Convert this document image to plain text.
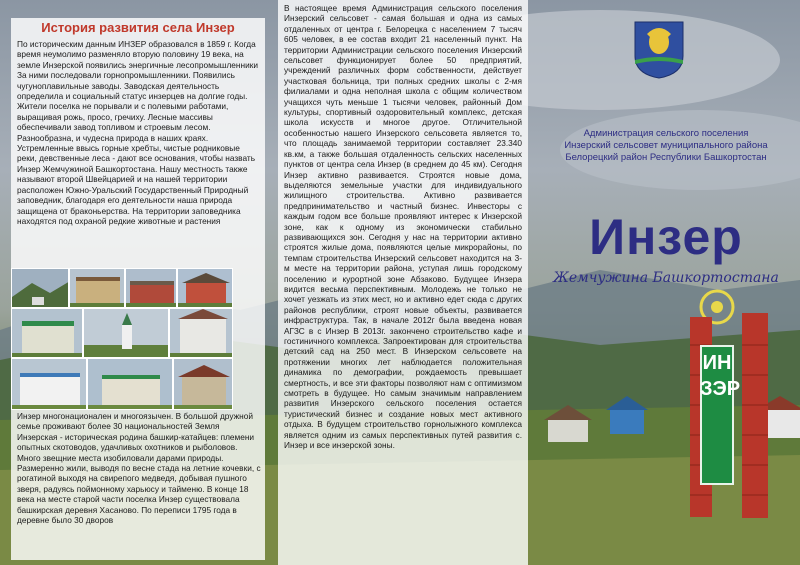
История развития села Инзер
По историческим данным ИНЗЕР образовался в 1859 г. Когда время неумолимо разменяло вторую половину 19 века, на земле Инзерской появились энергичные лесопромышленники За ними последовали горнопромышленники. Появились чугуноплавильные заводы. Заводская деятельность определила и социальный статус инзерцев на долгие годы. Жители поселка не порывали и с полевыми работами, выращивая рожь, просо, гречиху. Лесные массивы обеспечивали завод топливом и строевым лесом. Разнообразна, и чудесна природа в наших краях. Устремленные ввысь горные хребты, чистые родниковые реки, девственные леса - дают все основания, чтобы назвать Инзер Жемчужиной Башкортостана. Нашу местность также называют второй Швейцарией и на нашей территории расположен Южно-Уральский Государственный Природный заповедник, благодаря его деятельности наша природа защищена от браконьерства. На территории заповедника находятся под охраной редкие животные и растения
Инзер многонационален и многоязычен. В большой дружной семье проживают более 30 национальностей Земля Инзерская - историческая родина башкир-катайцев: племени опытных скотоводов, удачливых охотников и рыболовов. Много звещние места изобиловали дарами природы. Размеренно жили, выводя по весне стада на летние кочевки, с рогатиной выходя на свирепого медведя, добывая пушного зверя, радуясь поймонному харьюсу и тайменю. В конце 18 века на месте старой части поселка Инзер существовала башкирская деревня Хасаново. По переписи 1795 года в деревне было 30 дворов
В настоящее время Администрация сельского поселения Инзерский сельсовет - самая большая и одна из самых отдаленных от центра г. Белорецка с населением 7 тысяч 605 человек, в ее состав входит 21 населенный пункт. На территории Администрации сельского поселения Инзерский сельсовет функционирует более 50 предприятий, учреждений различных форм собственности, действует участковая больница, три полных средних школы с 2-мя филиалами и одна неполная школа с общим количеством учащихся чуть меньше 1 тысячи человек, районный Дом культуры, спортивный оздоровительный комплекс, детская школа искусств и многое другое. Отличительной особенностью нашего Инзерского сельсовета является то, что площадь занимаемой территории составляет 23.340 кв.км, а также большая отдаленность сельских населенных пунктов от центра села Инзер (в среднем до 45 км). Сегодня Инзер активно развивается. Строятся новые дома, выделяются земельные участки для индивидуального жилищного строительства. Активно развивается предпринимательство и частный бизнес. Инвесторы с каждым годом все больше проявляют интерес к Инзерской зоне, как к одному из экономически стабильно развивающихся зон. Сегодня у нас на территории активно строятся жилые дома, появляются целые микрорайоны, по темпам строительства Инзерский сельсовет находится на 3-м месте на территории района, уступая лишь городскому поселению и курортной зоне Абзаково. Будущее Инзера видится весьма перспективным. Молодежь не только не хочет уезжать из этих мест, но и активно едет сюда с других районов республики, строят новые объекты, развивается инфраструктура. Так, в начале 2012г была введена новая АГЗС в с Инзер В 2013г. закончено строительство кафе и гостиничного комплекса. Запроектирован для строительства детский сад на 250 мест. В Инзерском сельсовете на протяжении многих лет наблюдается положительная динамика по демографии, рождаемость превышает смертность, и все эти факторы позволяют нам с оптимизмом смотреть в будущее. Но самым значимым направлением развития Инзерского сельского поселения остается туристический бизнес и создание новых мест активного отдыха. В будущем строительство горнолыжного комплекса является одним из самых перспективных путей развития с. Инзер и все инзерской зоны.
Администрация сельского поселения
Инзерский сельсовет муниципального района
Белорецкий район Республики Башкортостан
Инзер
Жемчужина Башкортостана
ИН
ЗЭР
